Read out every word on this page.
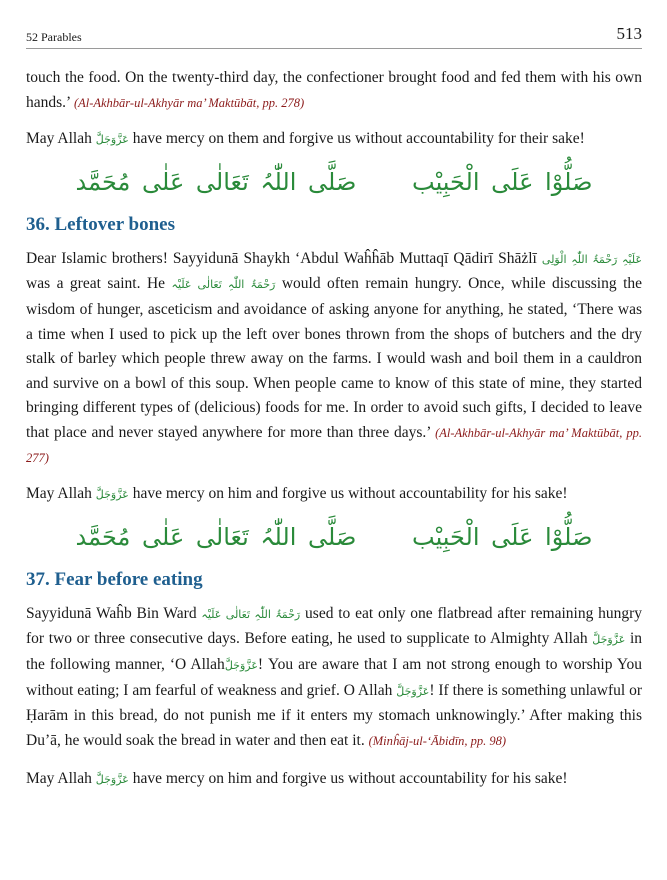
52 Parables	513

touch the food. On the twenty-third day, the confectioner brought food and fed them with his own hands.’ (Al-Akhbār-ul-Akhyār ma’ Maktūbāt, pp. 278)

May Allah عَزَّوَجَلَّ have mercy on them and forgive us without accountability for their sake!

صَلُّوْا عَلَی الْحَبِیْب صَلَّی اللّٰہُ تَعَالٰی عَلٰی مُحَمَّد
36. Leftover bones

Dear Islamic brothers! Sayyidunā Shaykh ‘Abdul Waĥĥāb Muttaqī Qādirī Shāżlī عَلَیْہِ رَحْمَۃُ اللّٰہِ الْوَلِی was a great saint. He رَحْمَۃُ اللّٰہِ تَعَالٰی عَلَیْہ would often remain hungry. Once, while discussing the wisdom of hunger, asceticism and avoidance of asking anyone for anything, he stated, ‘There was a time when I used to pick up the left over bones thrown from the shops of butchers and the dry stalk of barley which people threw away on the farms. I would wash and boil them in a cauldron and survive on a bowl of this soup. When people came to know of this state of mine, they started bringing different types of (delicious) foods for me. In order to avoid such gifts, I decided to leave that place and never stayed anywhere for more than three days.’ (Al-Akhbār-ul-Akhyār ma’ Maktūbāt, pp. 277)

May Allah عَزَّوَجَلَّ have mercy on him and forgive us without accountability for his sake!

صَلُّوْا عَلَی الْحَبِیْب صَلَّی اللّٰہُ تَعَالٰی عَلٰی مُحَمَّد
37. Fear before eating

Sayyidunā Waĥb Bin Ward رَحْمَۃُ اللّٰہِ تَعَالٰی عَلَیْہ used to eat only one flatbread after remaining hungry for two or three consecutive days. Before eating, he used to supplicate to Almighty Allah عَزَّوَجَلَّ in the following manner, ‘O Allahعَزَّوَجَلَّ! You are aware that I am not strong enough to worship You without eating; I am fearful of weakness and grief. O Allah عَزَّوَجَلَّ! If there is something unlawful or Ḥarām in this bread, do not punish me if it enters my stomach unknowingly.’ After making this Du’ā, he would soak the bread in water and then eat it. (Minĥāj-ul-‘Ābidīn, pp. 98)

May Allah عَزَّوَجَلَّ have mercy on him and forgive us without accountability for his sake!
